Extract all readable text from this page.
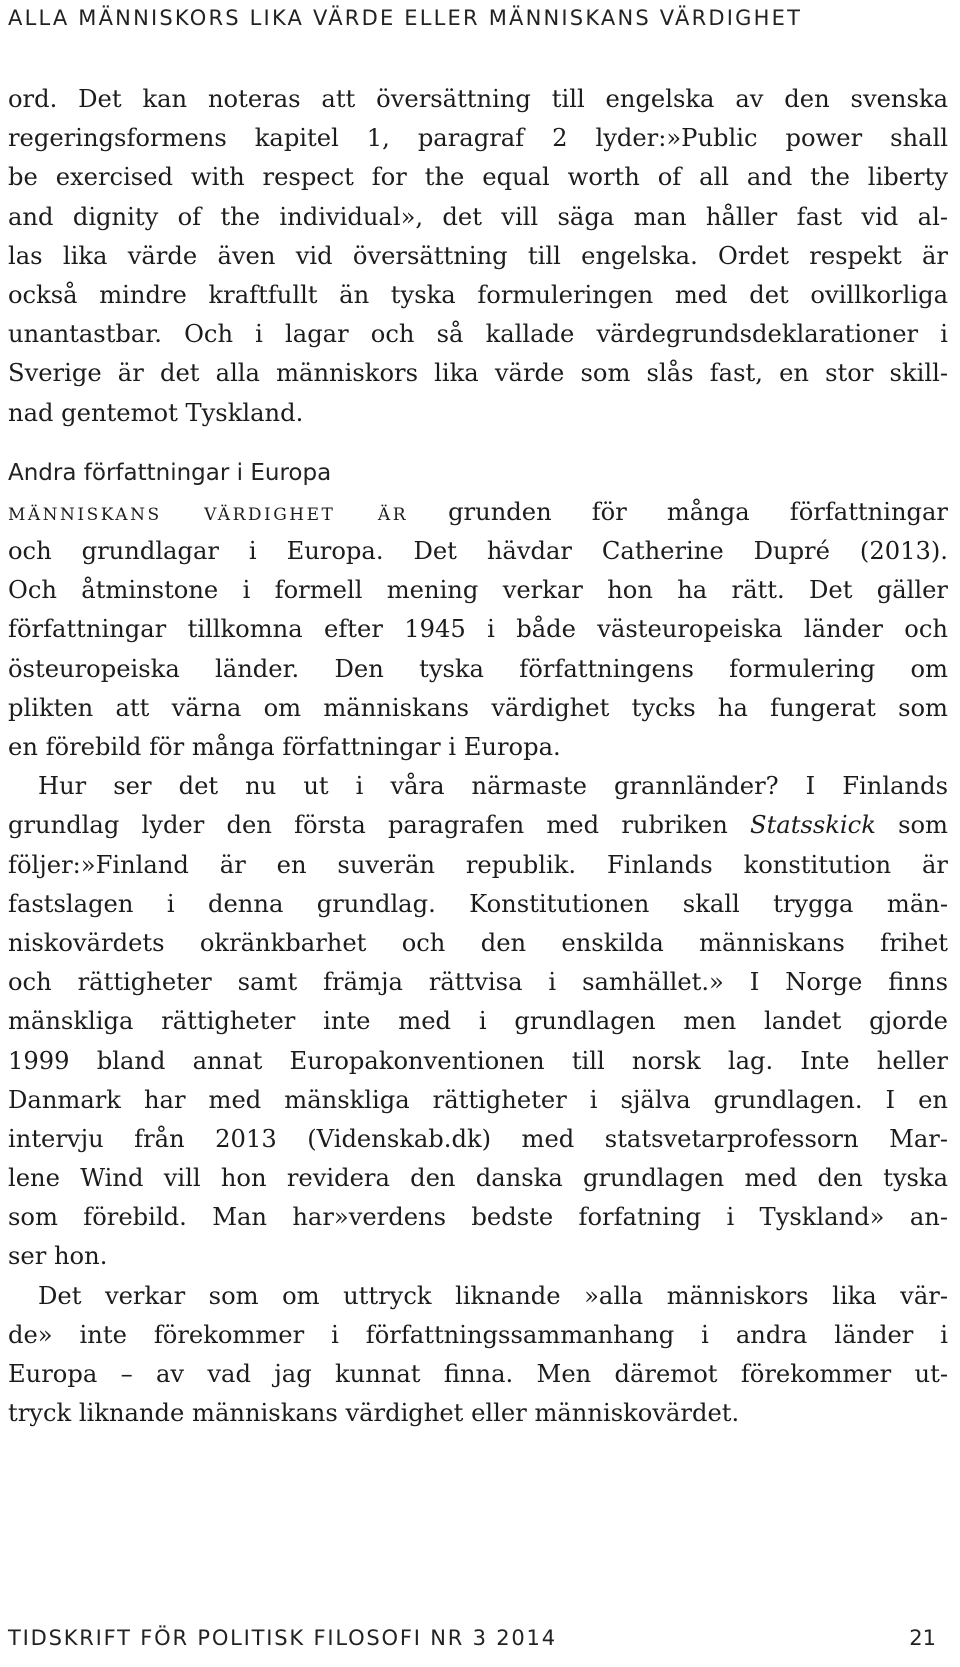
ALLA MÄNNISKORS LIKA VÄRDE ELLER MÄNNISKANS VÄRDIGHET
ord. Det kan noteras att översättning till engelska av den svenska
regeringsformens kapitel 1, paragraf 2 lyder:»Public power shall
be exercised with respect for the equal worth of all and the liberty
and dignity of the individual», det vill säga man håller fast vid al-
las lika värde även vid översättning till engelska. Ordet respekt är
också mindre kraftfullt än tyska formuleringen med det ovillkorliga
unantastbar. Och i lagar och så kallade värdegrundsdeklarationer i
Sverige är det alla människors lika värde som slås fast, en stor skill-
nad gentemot Tyskland.
Andra författningar i Europa
människans värdighet är grunden för många författningar
och grundlagar i Europa. Det hävdar Catherine Dupré (2013).
Och åtminstone i formell mening verkar hon ha rätt. Det gäller
författningar tillkomna efter 1945 i både västeuropeiska länder och
östeuropeiska länder. Den tyska författningens formulering om
plikten att värna om människans värdighet tycks ha fungerat som
en förebild för många författningar i Europa.
Hur ser det nu ut i våra närmaste grannländer? I Finlands
grundlag lyder den första paragrafen med rubriken Statsskick som
följer:»Finland är en suverän republik. Finlands konstitution är
fastslagen i denna grundlag. Konstitutionen skall trygga män-
niskovärdets okränkbarhet och den enskilda människans frihet
och rättigheter samt främja rättvisa i samhället.» I Norge finns
mänskliga rättigheter inte med i grundlagen men landet gjorde
1999 bland annat Europakonventionen till norsk lag. Inte heller
Danmark har med mänskliga rättigheter i själva grundlagen. I en
intervju från 2013 (Videnskab.dk) med statsvetarprofessorn Mar-
lene Wind vill hon revidera den danska grundlagen med den tyska
som förebild. Man har»verdens bedste forfatning i Tyskland» an-
ser hon.
Det verkar som om uttryck liknande »alla människors lika vär-
de» inte förekommer i författningssammanhang i andra länder i
Europa – av vad jag kunnat finna. Men däremot förekommer ut-
tryck liknande människans värdighet eller människovärdet.
TIDSKRIFT FÖR POLITISK FILOSOFI NR 3 2014	21
